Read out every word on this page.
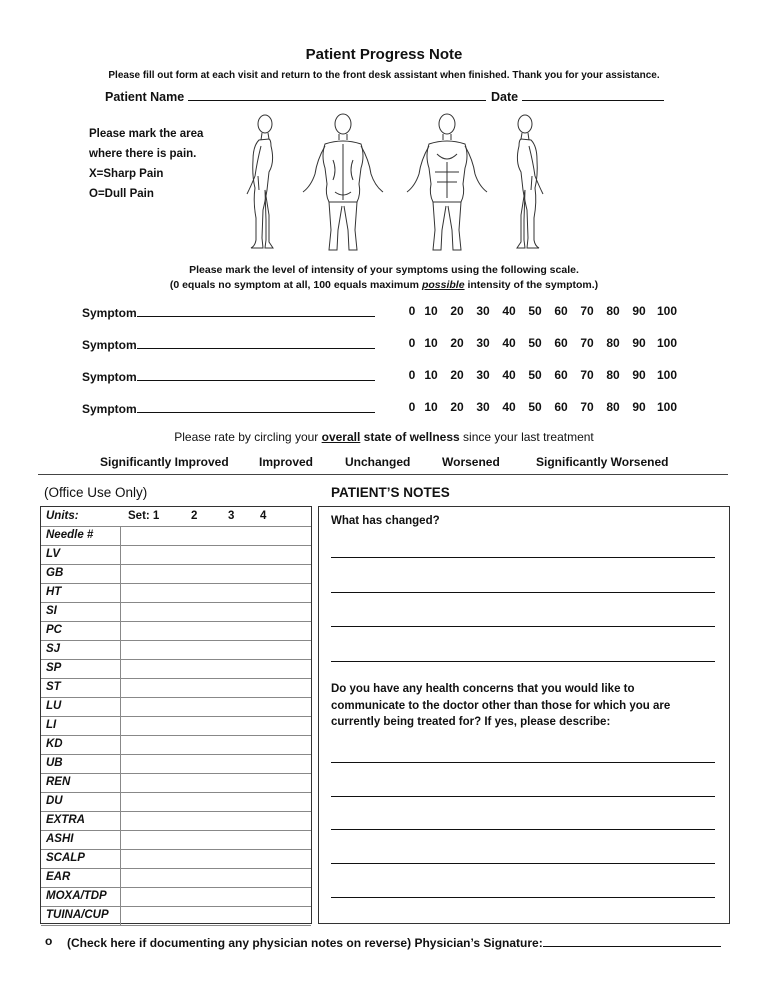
Patient Progress Note
Please fill out form at each visit and return to the front desk assistant when finished. Thank you for your assistance.
Patient Name	Date
Please mark the area
where there is pain.
X=Sharp Pain
O=Dull Pain
Please mark the level of intensity of your symptoms using the following scale.
(0 equals no symptom at all, 100 equals maximum possible intensity of the symptom.)
Symptom	0 10	20	30	40	50	60	70	80	90 100
Symptom	0 10	20	30	40	50	60	70	80	90 100
Symptom	0 10	20	30	40	50	60	70	80	90 100
Symptom	0 10	20	30	40	50	60	70	80	90 100
Please rate by circling your overall state of wellness since your last treatment
Significantly Improved	Improved	Unchanged	Worsened	Significantly Worsened
(Office Use Only)	PATIENT’S NOTES
Units:	Set: 1	2	3 4
Needle #
LV
GB
HT
SI
PC
SJ
SP
ST
LU
LI
KD
UB
REN
DU
EXTRA
ASHI
SCALP
EAR
MOXA/TDP
TUINA/CUP
What has changed?
Do you have any health concerns that you would like to
communicate to the doctor other than those for which you are
currently being treated for? If yes, please describe:
o (Check here if documenting any physician notes on reverse) Physician’s Signature:
